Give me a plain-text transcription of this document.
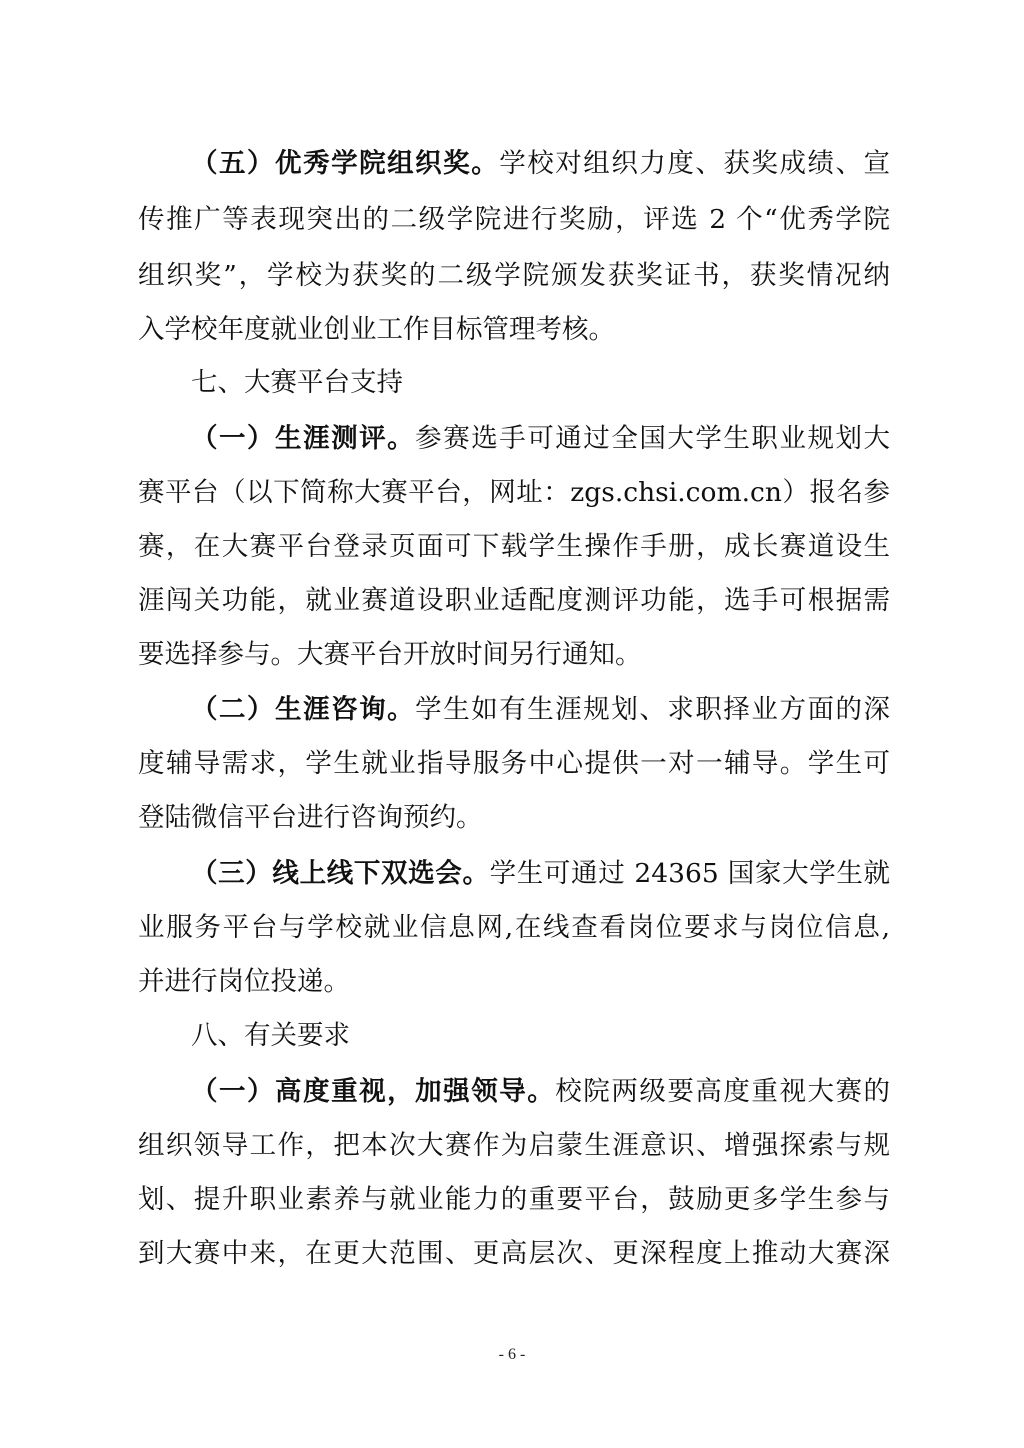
（五）优秀学院组织奖。学校对组织力度、获奖成绩、宣
传推广等表现突出的二级学院进行奖励，评选 2 个“优秀学院
组织奖”，学校为获奖的二级学院颁发获奖证书，获奖情况纳
入学校年度就业创业工作目标管理考核。
七、大赛平台支持
（一）生涯测评。参赛选手可通过全国大学生职业规划大
赛平台（以下简称大赛平台，网址：zgs.chsi.com.cn）报名参
赛，在大赛平台登录页面可下载学生操作手册，成长赛道设生
涯闯关功能，就业赛道设职业适配度测评功能，选手可根据需
要选择参与。大赛平台开放时间另行通知。
（二）生涯咨询。学生如有生涯规划、求职择业方面的深
度辅导需求，学生就业指导服务中心提供一对一辅导。学生可
登陆微信平台进行咨询预约。
（三）线上线下双选会。学生可通过 24365 国家大学生就
业服务平台与学校就业信息网,在线查看岗位要求与岗位信息,
并进行岗位投递。
八、有关要求
（一）高度重视，加强领导。校院两级要高度重视大赛的
组织领导工作，把本次大赛作为启蒙生涯意识、增强探索与规
划、提升职业素养与就业能力的重要平台，鼓励更多学生参与
到大赛中来，在更大范围、更高层次、更深程度上推动大赛深
- 6 -
